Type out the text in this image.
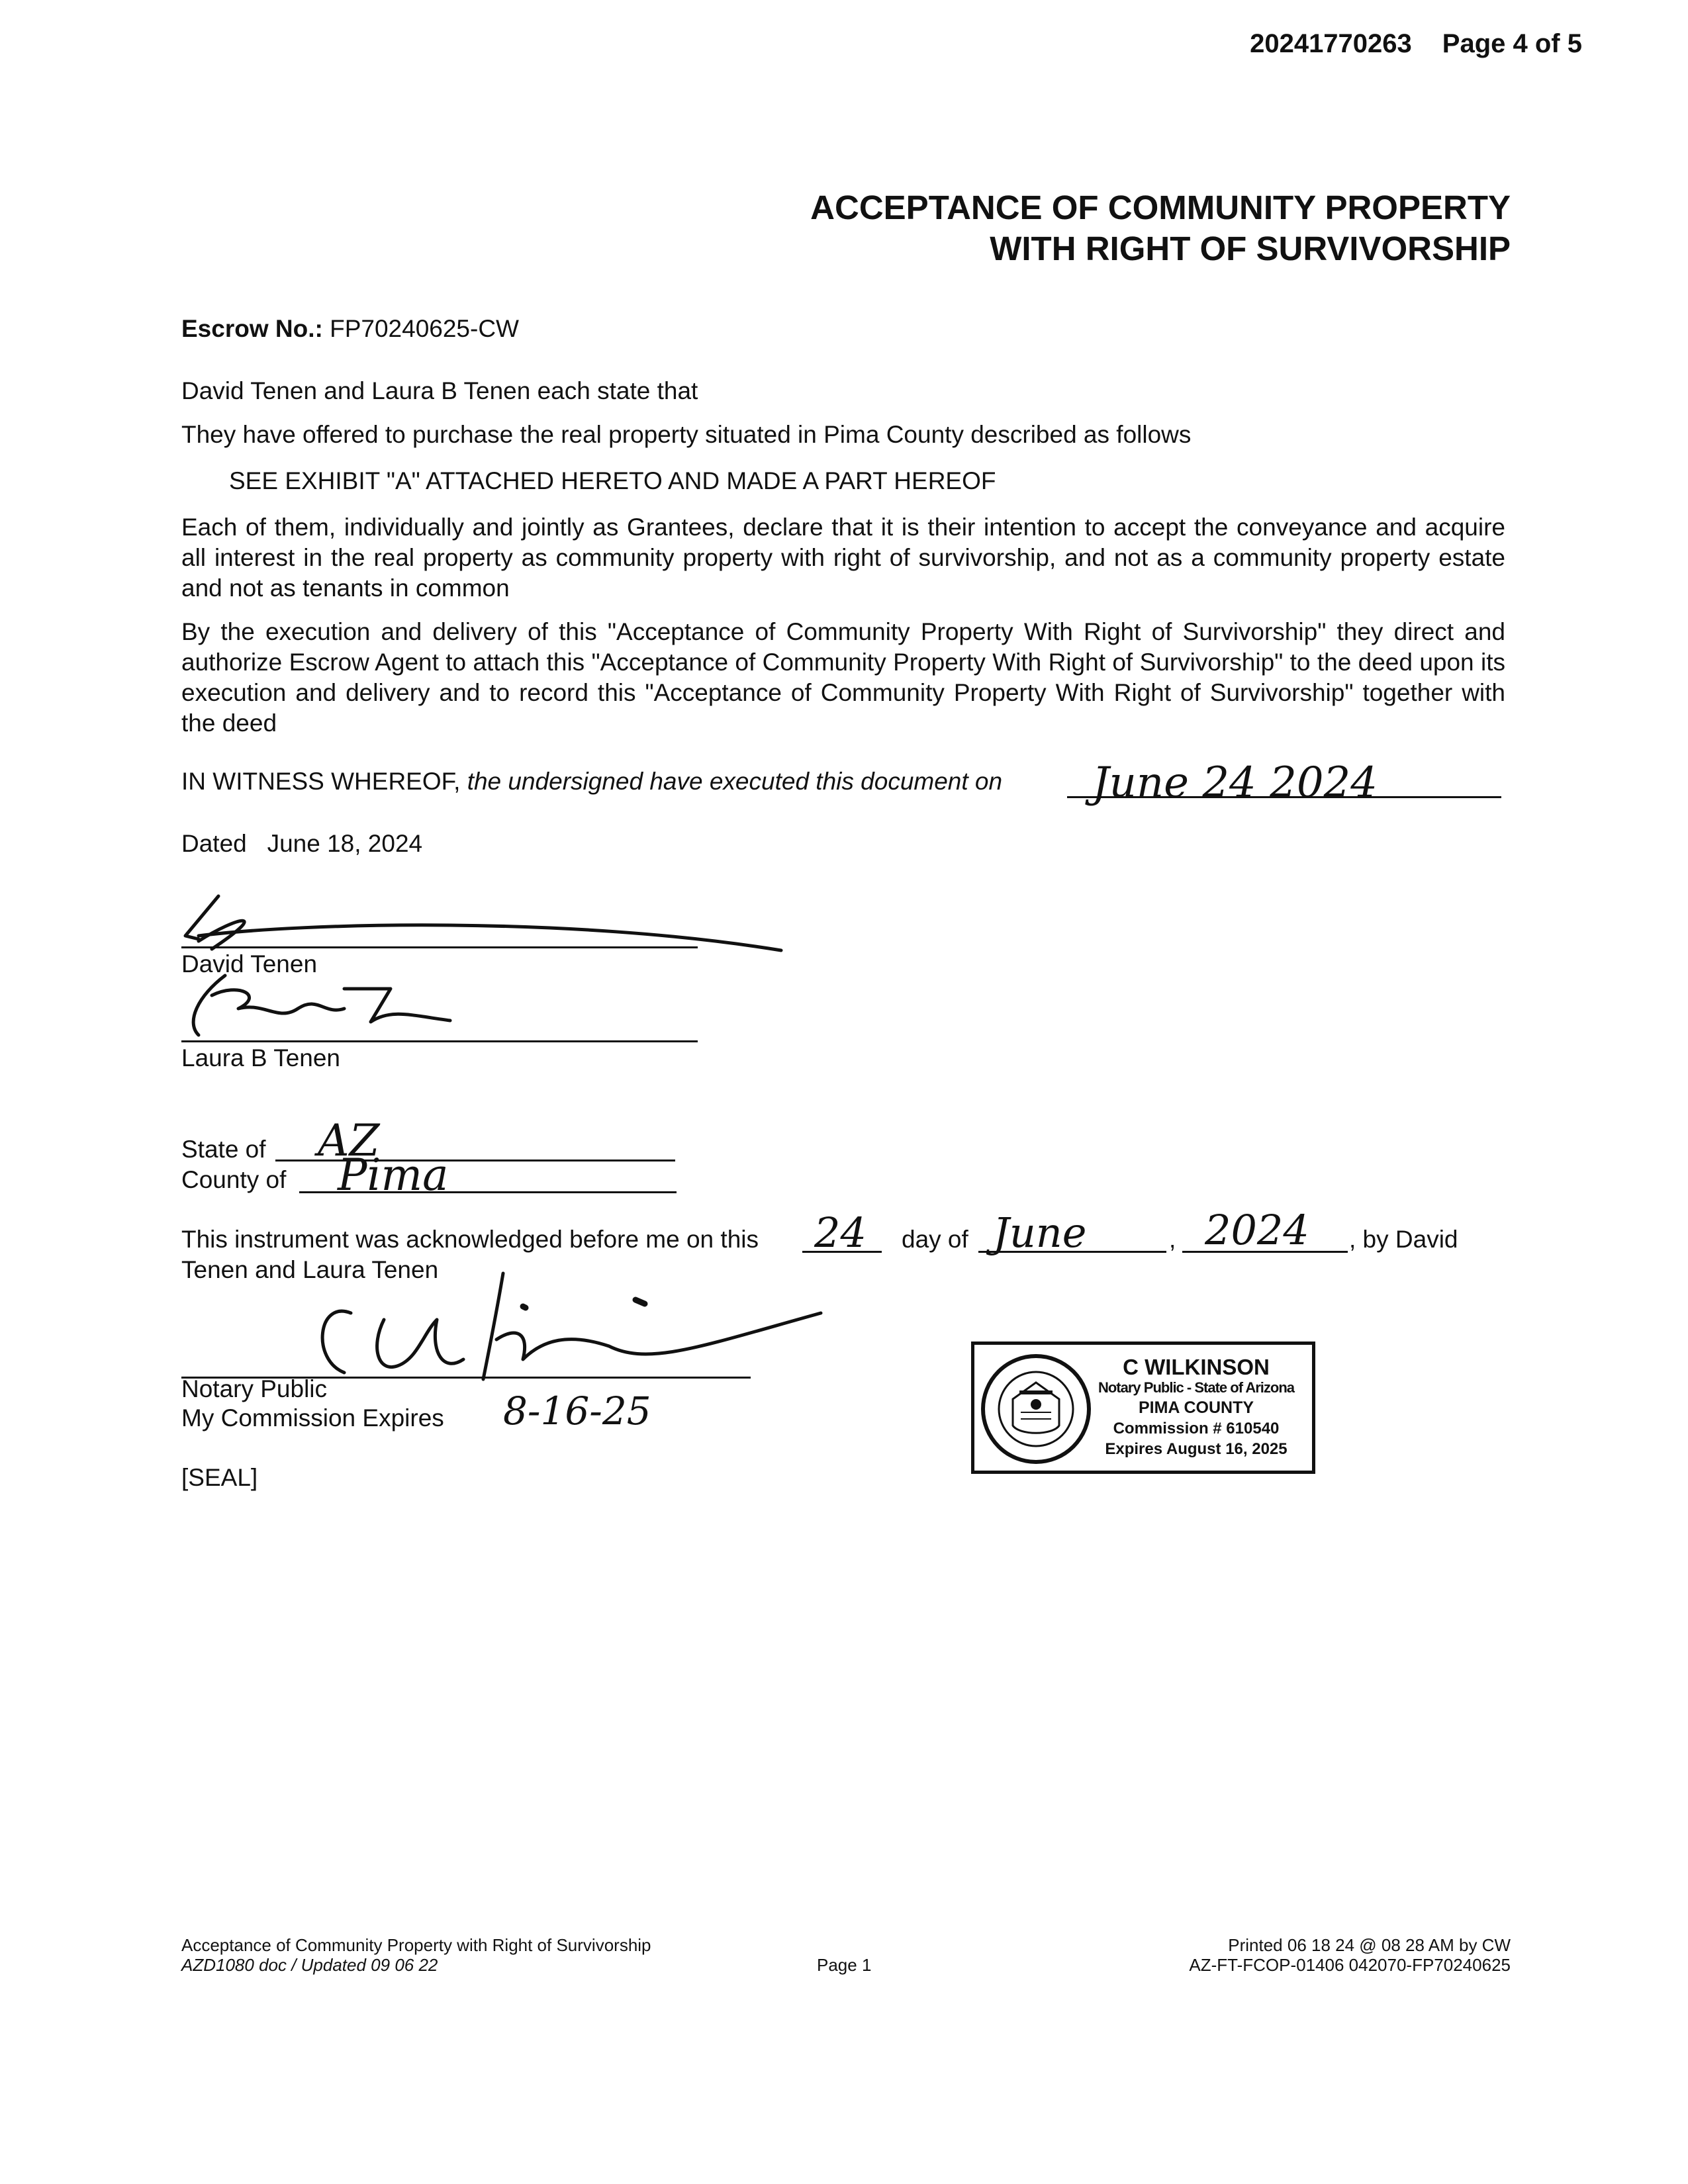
20241770263 Page 4 of 5
ACCEPTANCE OF COMMUNITY PROPERTY
WITH RIGHT OF SURVIVORSHIP
Escrow No.: FP70240625-CW
David Tenen and Laura B Tenen each state that
They have offered to purchase the real property situated in Pima County described as follows
SEE EXHIBIT "A" ATTACHED HERETO AND MADE A PART HEREOF
Each of them, individually and jointly as Grantees, declare that it is their intention to accept the conveyance and acquire all interest in the real property as community property with right of survivorship, and not as a community property estate and not as tenants in common
By the execution and delivery of this "Acceptance of Community Property With Right of Survivorship" they direct and authorize Escrow Agent to attach this "Acceptance of Community Property With Right of Survivorship" to the deed upon its execution and delivery and to record this "Acceptance of Community Property With Right of Survivorship" together with the deed
IN WITNESS WHEREOF, the undersigned have executed this document on June 24 2024
Dated June 18, 2024
David Tenen
Laura B Tenen
State of AZ
County of Pima
This instrument was acknowledged before me on this 24 day of June	, 2024 , by David
Tenen and Laura Tenen
Notary Public
My Commission Expires 8-16-25
[SEAL]
C WILKINSON
Notary Public - State of Arizona
PIMA COUNTY
Commission # 610540
Expires August 16, 2025
Acceptance of Community Property with Right of Survivorship
AZD1080 doc / Updated 09 06 22	Page 1
Printed 06 18 24 @ 08 28 AM by CW
AZ-FT-FCOP-01406 042070-FP70240625
